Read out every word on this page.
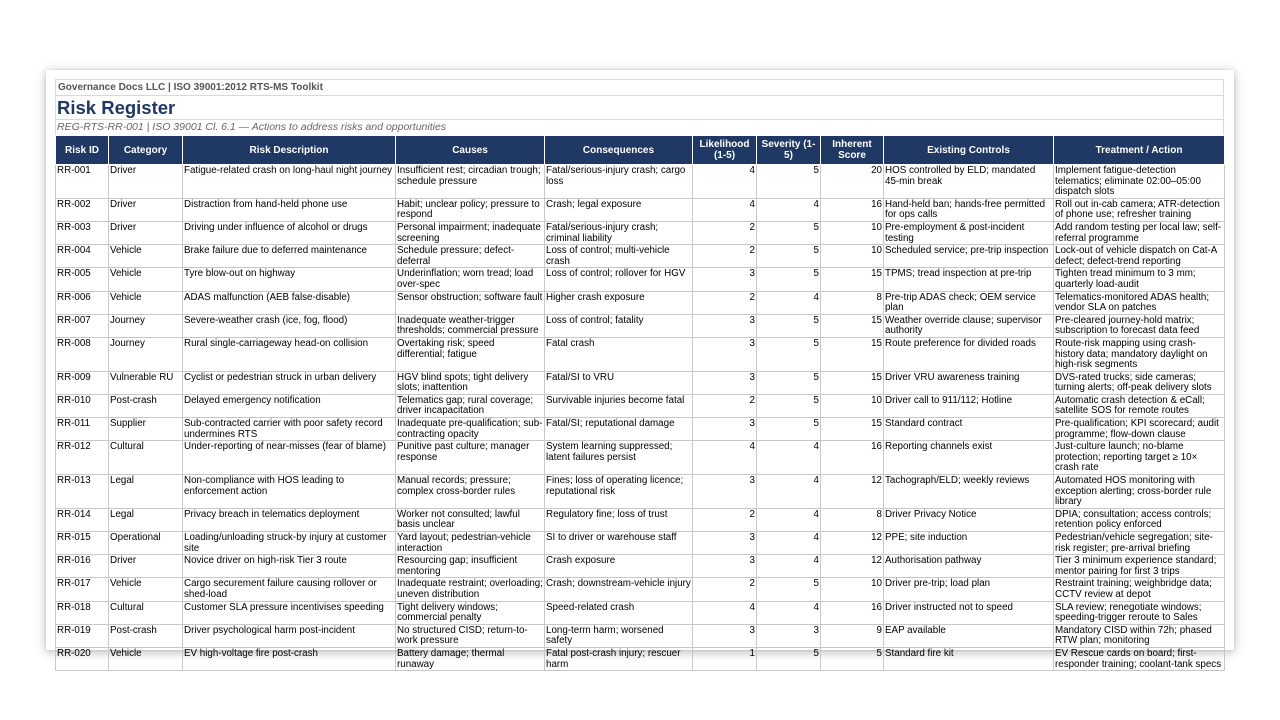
Governance Docs LLC | ISO 39001:2012 RTS-MS Toolkit
Risk Register
REG-RTS-RR-001 | ISO 39001 Cl. 6.1 — Actions to address risks and opportunities
Risk ID	Category	Risk Description	Causes	Consequences	Likelihood (1-5)	Severity (1-5)	Inherent Score	Existing Controls	Treatment / Action
RR-001	Driver	Fatigue-related crash on long-haul night journey	Insufficient rest; circadian trough; schedule pressure	Fatal/serious-injury crash; cargo loss	4	5	20	HOS controlled by ELD; mandated 45-min break	Implement fatigue-detection telematics; eliminate 02:00–05:00 dispatch slots
RR-002	Driver	Distraction from hand-held phone use	Habit; unclear policy; pressure to respond	Crash; legal exposure	4	4	16	Hand-held ban; hands-free permitted for ops calls	Roll out in-cab camera; ATR-detection of phone use; refresher training
RR-003	Driver	Driving under influence of alcohol or drugs	Personal impairment; inadequate screening	Fatal/serious-injury crash; criminal liability	2	5	10	Pre-employment & post-incident testing	Add random testing per local law; self-referral programme
RR-004	Vehicle	Brake failure due to deferred maintenance	Schedule pressure; defect-deferral	Loss of control; multi-vehicle crash	2	5	10	Scheduled service; pre-trip inspection	Lock-out of vehicle dispatch on Cat-A defect; defect-trend reporting
RR-005	Vehicle	Tyre blow-out on highway	Underinflation; worn tread; load over-spec	Loss of control; rollover for HGV	3	5	15	TPMS; tread inspection at pre-trip	Tighten tread minimum to 3 mm; quarterly load-audit
RR-006	Vehicle	ADAS malfunction (AEB false-disable)	Sensor obstruction; software fault	Higher crash exposure	2	4	8	Pre-trip ADAS check; OEM service plan	Telematics-monitored ADAS health; vendor SLA on patches
RR-007	Journey	Severe-weather crash (ice, fog, flood)	Inadequate weather-trigger thresholds; commercial pressure	Loss of control; fatality	3	5	15	Weather override clause; supervisor authority	Pre-cleared journey-hold matrix; subscription to forecast data feed
RR-008	Journey	Rural single-carriageway head-on collision	Overtaking risk; speed differential; fatigue	Fatal crash	3	5	15	Route preference for divided roads	Route-risk mapping using crash-history data; mandatory daylight on high-risk segments
RR-009	Vulnerable RU	Cyclist or pedestrian struck in urban delivery	HGV blind spots; tight delivery slots; inattention	Fatal/SI to VRU	3	5	15	Driver VRU awareness training	DVS-rated trucks; side cameras; turning alerts; off-peak delivery slots
RR-010	Post-crash	Delayed emergency notification	Telematics gap; rural coverage; driver incapacitation	Survivable injuries become fatal	2	5	10	Driver call to 911/112; Hotline	Automatic crash detection & eCall; satellite SOS for remote routes
RR-011	Supplier	Sub-contracted carrier with poor safety record undermines RTS	Inadequate pre-qualification; sub-contracting opacity	Fatal/SI; reputational damage	3	5	15	Standard contract	Pre-qualification; KPI scorecard; audit programme; flow-down clause
RR-012	Cultural	Under-reporting of near-misses (fear of blame)	Punitive past culture; manager response	System learning suppressed; latent failures persist	4	4	16	Reporting channels exist	Just-culture launch; no-blame protection; reporting target ≥ 10× crash rate
RR-013	Legal	Non-compliance with HOS leading to enforcement action	Manual records; pressure; complex cross-border rules	Fines; loss of operating licence; reputational risk	3	4	12	Tachograph/ELD; weekly reviews	Automated HOS monitoring with exception alerting; cross-border rule library
RR-014	Legal	Privacy breach in telematics deployment	Worker not consulted; lawful basis unclear	Regulatory fine; loss of trust	2	4	8	Driver Privacy Notice	DPIA; consultation; access controls; retention policy enforced
RR-015	Operational	Loading/unloading struck-by injury at customer site	Yard layout; pedestrian-vehicle interaction	SI to driver or warehouse staff	3	4	12	PPE; site induction	Pedestrian/vehicle segregation; site-risk register; pre-arrival briefing
RR-016	Driver	Novice driver on high-risk Tier 3 route	Resourcing gap; insufficient mentoring	Crash exposure	3	4	12	Authorisation pathway	Tier 3 minimum experience standard; mentor pairing for first 3 trips
RR-017	Vehicle	Cargo securement failure causing rollover or shed-load	Inadequate restraint; overloading; uneven distribution	Crash; downstream-vehicle injury	2	5	10	Driver pre-trip; load plan	Restraint training; weighbridge data; CCTV review at depot
RR-018	Cultural	Customer SLA pressure incentivises speeding	Tight delivery windows; commercial penalty	Speed-related crash	4	4	16	Driver instructed not to speed	SLA review; renegotiate windows; speeding-trigger reroute to Sales
RR-019	Post-crash	Driver psychological harm post-incident	No structured CISD; return-to-work pressure	Long-term harm; worsened safety	3	3	9	EAP available	Mandatory CISD within 72h; phased RTW plan; monitoring
RR-020	Vehicle	EV high-voltage fire post-crash	Battery damage; thermal runaway	Fatal post-crash injury; rescuer harm	1	5	5	Standard fire kit	EV Rescue cards on board; first-responder training; coolant-tank specs
